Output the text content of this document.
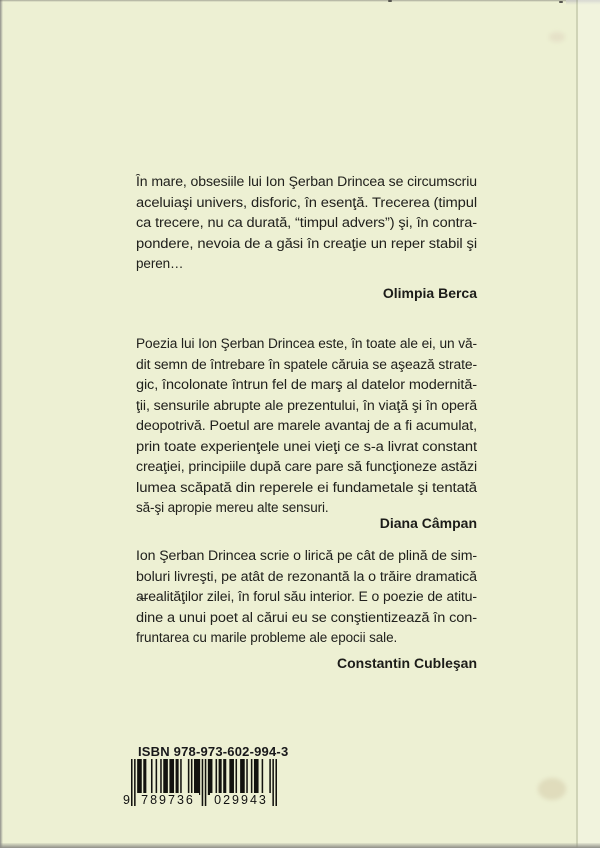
În mare, obsesiile lui Ion Şerban Drincea se circumscriu
aceluiaşi univers, disforic, în esenţă. Trecerea (timpul
ca trecere, nu ca durată, “timpul advers”) şi, în contra-
pondere, nevoia de a găsi în creaţie un reper stabil şi
peren…
Olimpia Berca
Poezia lui Ion Şerban Drincea este, în toate ale ei, un vă-
dit semn de întrebare în spatele căruia se aşează strate-
gic, încolonate întrun fel de marş al datelor modernită-
ţii, sensurile abrupte ale prezentului, în viaţă şi în operă
deopotrivă. Poetul are marele avantaj de a fi acumulat,
prin toate experienţele unei vieţi ce s-a livrat constant
creaţiei, principiile după care pare să funcţioneze astăzi
lumea scăpată din reperele ei fundametale şi tentată
să-şi apropie mereu alte sensuri.
Diana Câmpan
Ion Şerban Drincea scrie o lirică pe cât de plină de sim-
boluri livreşti, pe atât de rezonantă la o trăire dramatică
a̶realităţilor zilei, în forul său interior. E o poezie de atitu-
dine a unui poet al cărui eu se conştientizează în con-
fruntarea cu marile probleme ale epocii sale.
Constantin Cubleşan
ISBN 978-973-602-994-3
9 789736	029943
